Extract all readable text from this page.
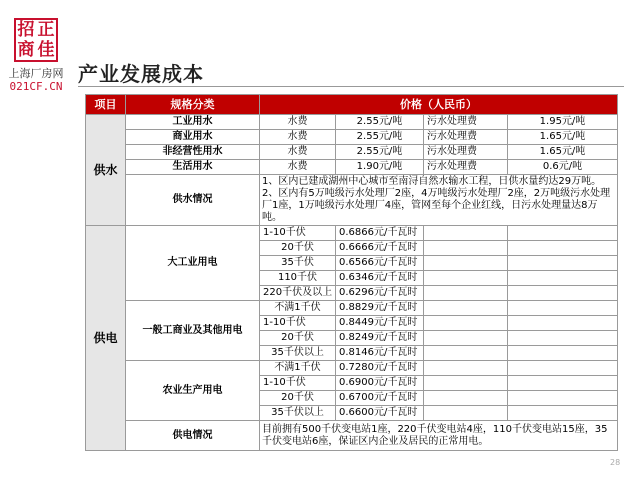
招 正
商 佳
上海厂房网
021CF.CN
产业发展成本
项目	规格分类	价格（人民币）			
供水	工业用水	水费	2.55元/吨	污水处理费	1.95元/吨
	商业用水	水费	2.55元/吨	污水处理费	1.65元/吨
	非经营性用水	水费	2.55元/吨	污水处理费	1.65元/吨
	生活用水	水费	1.90元/吨	污水处理费	0.6元/吨
	供水情况	1、区内已建成湖州中心城市至南浔自然水输水工程，日供水量约达29万吨。 2、区内有5万吨级污水处理厂2座，4万吨级污水处理厂2座，2万吨级污水处理厂1座，1万吨级污水处理厂4座，管网至每个企业红线，日污水处理量达8万吨。			
供电	大工业用电	1-10千伏	0.6866元/千瓦时		
		20千伏	0.6666元/千瓦时		
		35千伏	0.6566元/千瓦时		
		110千伏	0.6346元/千瓦时		
		220千伏及以上	0.6296元/千瓦时		
	一般工商业及其他用电	不满1千伏	0.8829元/千瓦时		
		1-10千伏	0.8449元/千瓦时		
		20千伏	0.8249元/千瓦时		
		35千伏以上	0.8146元/千瓦时		
	农业生产用电	不满1千伏	0.7280元/千瓦时		
		1-10千伏	0.6900元/千瓦时		
		20千伏	0.6700元/千瓦时		
		35千伏以上	0.6600元/千瓦时		
	供电情况	目前拥有500千伏变电站1座，220千伏变电站4座，110千伏变电站15座，35千伏变电站6座，保证区内企业及居民的正常用电。			
28
